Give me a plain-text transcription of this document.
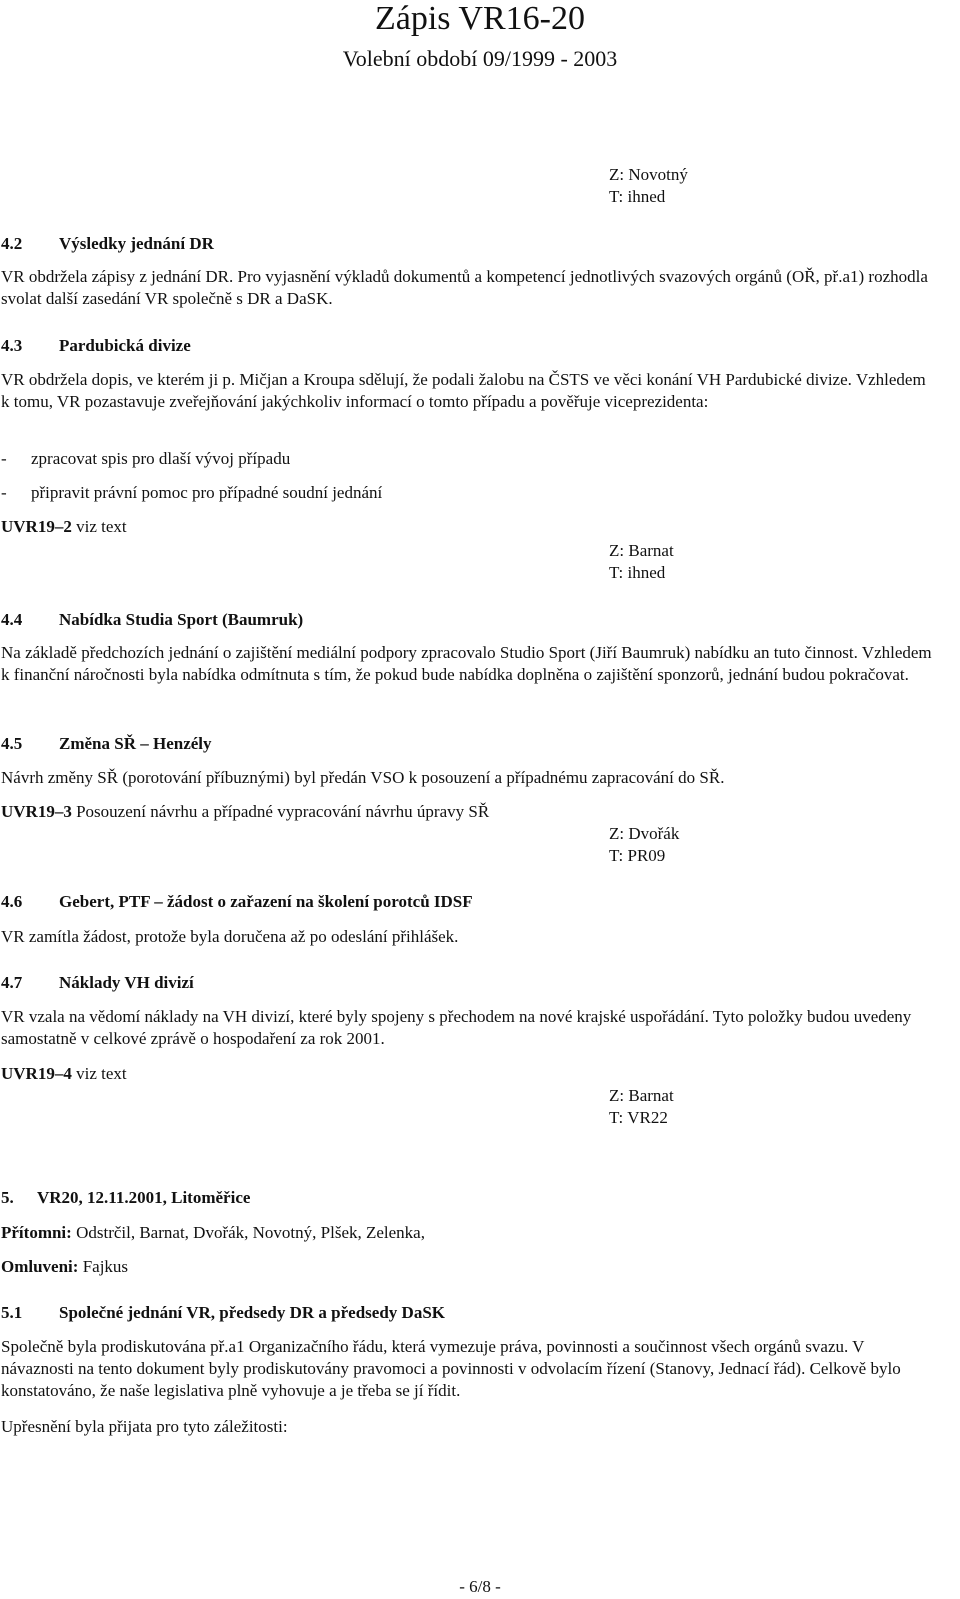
Zápis VR16-20
Volební období 09/1999 - 2003
Z: Novotný
T: ihned
4.2 Výsledky jednání DR

VR obdržela zápisy z jednání DR. Pro vyjasnění výkladů dokumentů a kompetencí jednotlivých svazových orgánů (OŘ, př.a1) rozhodla svolat další zasedání VR společně s DR a DaSK.

4.3 Pardubická divize

VR obdržela dopis, ve kterém ji p. Mičjan a Kroupa sdělují, že podali žalobu na ČSTS ve věci konání VH Pardubické divize. Vzhledem k tomu, VR pozastavuje zveřejňování jakýchkoliv informací o tomto případu a pověřuje viceprezidenta:

- zpracovat spis pro dlaší vývoj případu
- připravit právní pomoc pro případné soudní jednání
UVR19–2 viz text
Z: Barnat
T: ihned
4.4 Nabídka Studia Sport (Baumruk)

Na základě předchozích jednání o zajištění mediální podpory zpracovalo Studio Sport (Jiří Baumruk) nabídku an tuto činnost. Vzhledem k finanční náročnosti byla nabídka odmítnuta s tím, že pokud bude nabídka doplněna o zajištění sponzorů, jednání budou pokračovat.

4.5 Změna SŘ – Henzély

Návrh změny SŘ (porotování příbuznými) byl předán VSO k posouzení a případnému zapracování do SŘ.

UVR19–3 Posouzení návrhu a případné vypracování návrhu úpravy SŘ
Z: Dvořák
T: PR09
4.6 Gebert, PTF – žádost o zařazení na školení porotců IDSF

VR zamítla žádost, protože byla doručena až po odeslání přihlášek.

4.7 Náklady VH divizí

VR vzala na vědomí náklady na VH divizí, které byly spojeny s přechodem na nové krajské uspořádání. Tyto položky budou uvedeny samostatně v celkové zprávě o hospodaření za rok 2001.

UVR19–4 viz text
Z: Barnat
T: VR22
5. VR20, 12.11.2001, Litoměřice
Přítomni: Odstrčil, Barnat, Dvořák, Novotný, Plšek, Zelenka,
Omluveni: Fajkus
5.1 Společné jednání VR, předsedy DR a předsedy DaSK

Společně byla prodiskutována př.a1 Organizačního řádu, která vymezuje práva, povinnosti a součinnost všech orgánů svazu. V návaznosti na tento dokument byly prodiskutovány pravomoci a povinnosti v odvolacím řízení (Stanovy, Jednací řád). Celkově bylo konstatováno, že naše legislativa plně vyhovuje a je třeba se jí řídit.

Upřesnění byla přijata pro tyto záležitosti:

- 6/8 -
